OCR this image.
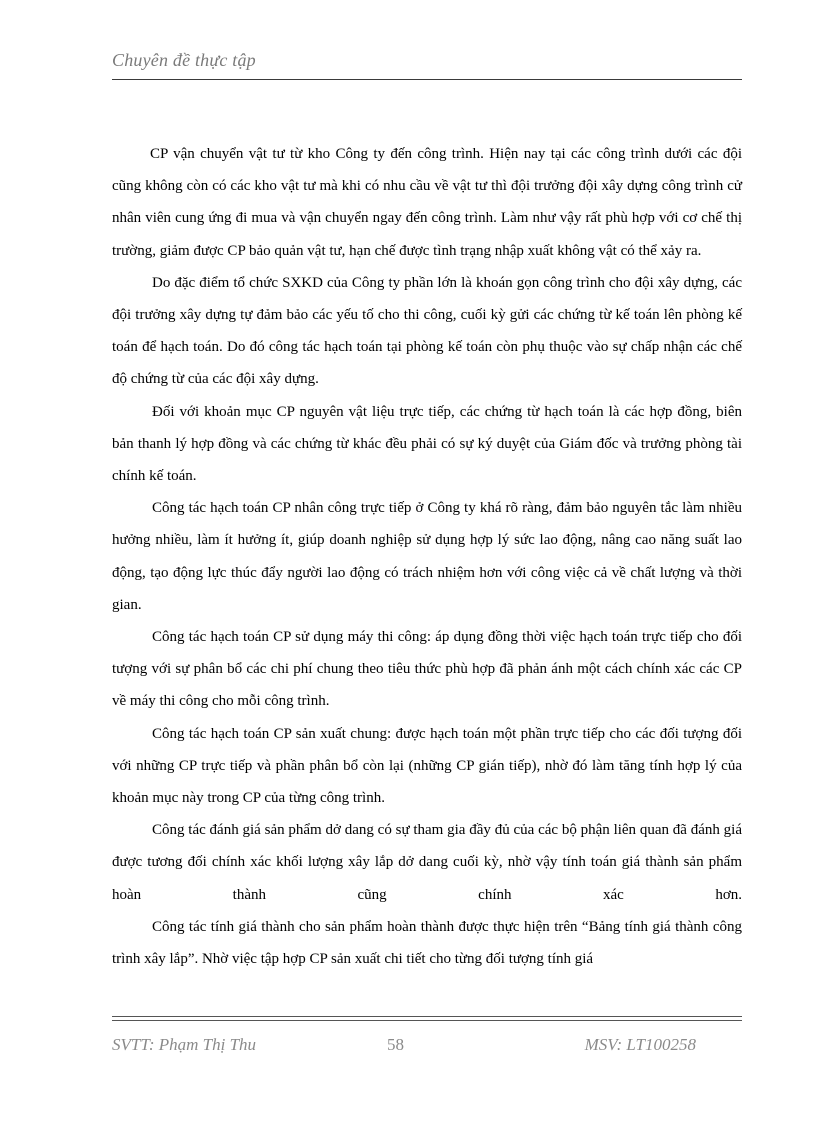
Chuyên đề thực tập

CP vận chuyển vật tư từ kho Công ty đến công trình. Hiện nay tại các công trình dưới các đội cũng không còn có các kho vật tư mà khi có nhu cầu về vật tư thì đội trưởng đội xây dựng công trình cử nhân viên cung ứng đi mua và vận chuyển ngay đến công trình. Làm như vậy rất phù hợp với cơ chế thị trường, giảm được CP bảo quản vật tư, hạn chế được tình trạng nhập xuất không vật có thể xảy ra.

Do đặc điểm tổ chức SXKD của Công ty phần lớn là khoán gọn công trình cho đội xây dựng, các đội trưởng xây dựng tự đảm bảo các yếu tố cho thi công, cuối kỳ gửi các chứng từ kế toán lên phòng kế toán để hạch toán. Do đó công tác hạch toán tại phòng kế toán còn phụ thuộc vào sự chấp nhận các chế độ chứng từ của các đội xây dựng.

Đối với khoản mục CP nguyên vật liệu trực tiếp, các chứng từ hạch toán là các hợp đồng, biên bản thanh lý hợp đồng và các chứng từ khác đều phải có sự ký duyệt của Giám đốc và trưởng phòng tài chính kế toán.

Công tác hạch toán CP nhân công trực tiếp ở Công ty khá rõ ràng, đảm bảo nguyên tắc làm nhiều hưởng nhiều, làm ít hưởng ít, giúp doanh nghiệp sử dụng hợp lý sức lao động, nâng cao năng suất lao động, tạo động lực thúc đẩy người lao động có trách nhiệm hơn với công việc cả về chất lượng và thời gian.

Công tác hạch toán CP sử dụng máy thi công: áp dụng đồng thời việc hạch toán trực tiếp cho đối tượng với sự phân bổ các chi phí chung theo tiêu thức phù hợp đã phản ánh một cách chính xác các CP về máy thi công cho mỗi công trình.

Công tác hạch toán CP sản xuất chung: được hạch toán một phần trực tiếp cho các đối tượng đối với những CP trực tiếp và phần phân bổ còn lại (những CP gián tiếp), nhờ đó làm tăng tính hợp lý của khoản mục này trong CP của từng công trình.

Công tác đánh giá sản phẩm dở dang có sự tham gia đầy đủ của các bộ phận liên quan đã đánh giá được tương đối chính xác khối lượng xây lắp dở dang cuối kỳ, nhờ vậy tính toán giá thành sản phẩm hoàn thành cũng chính xác hơn.

Công tác tính giá thành cho sản phẩm hoàn thành được thực hiện trên “Bảng tính giá thành công trình xây lắp”. Nhờ việc tập hợp CP sản xuất chi tiết cho từng đối tượng tính giá

SVTT: Phạm Thị Thu	58	MSV: LT100258
